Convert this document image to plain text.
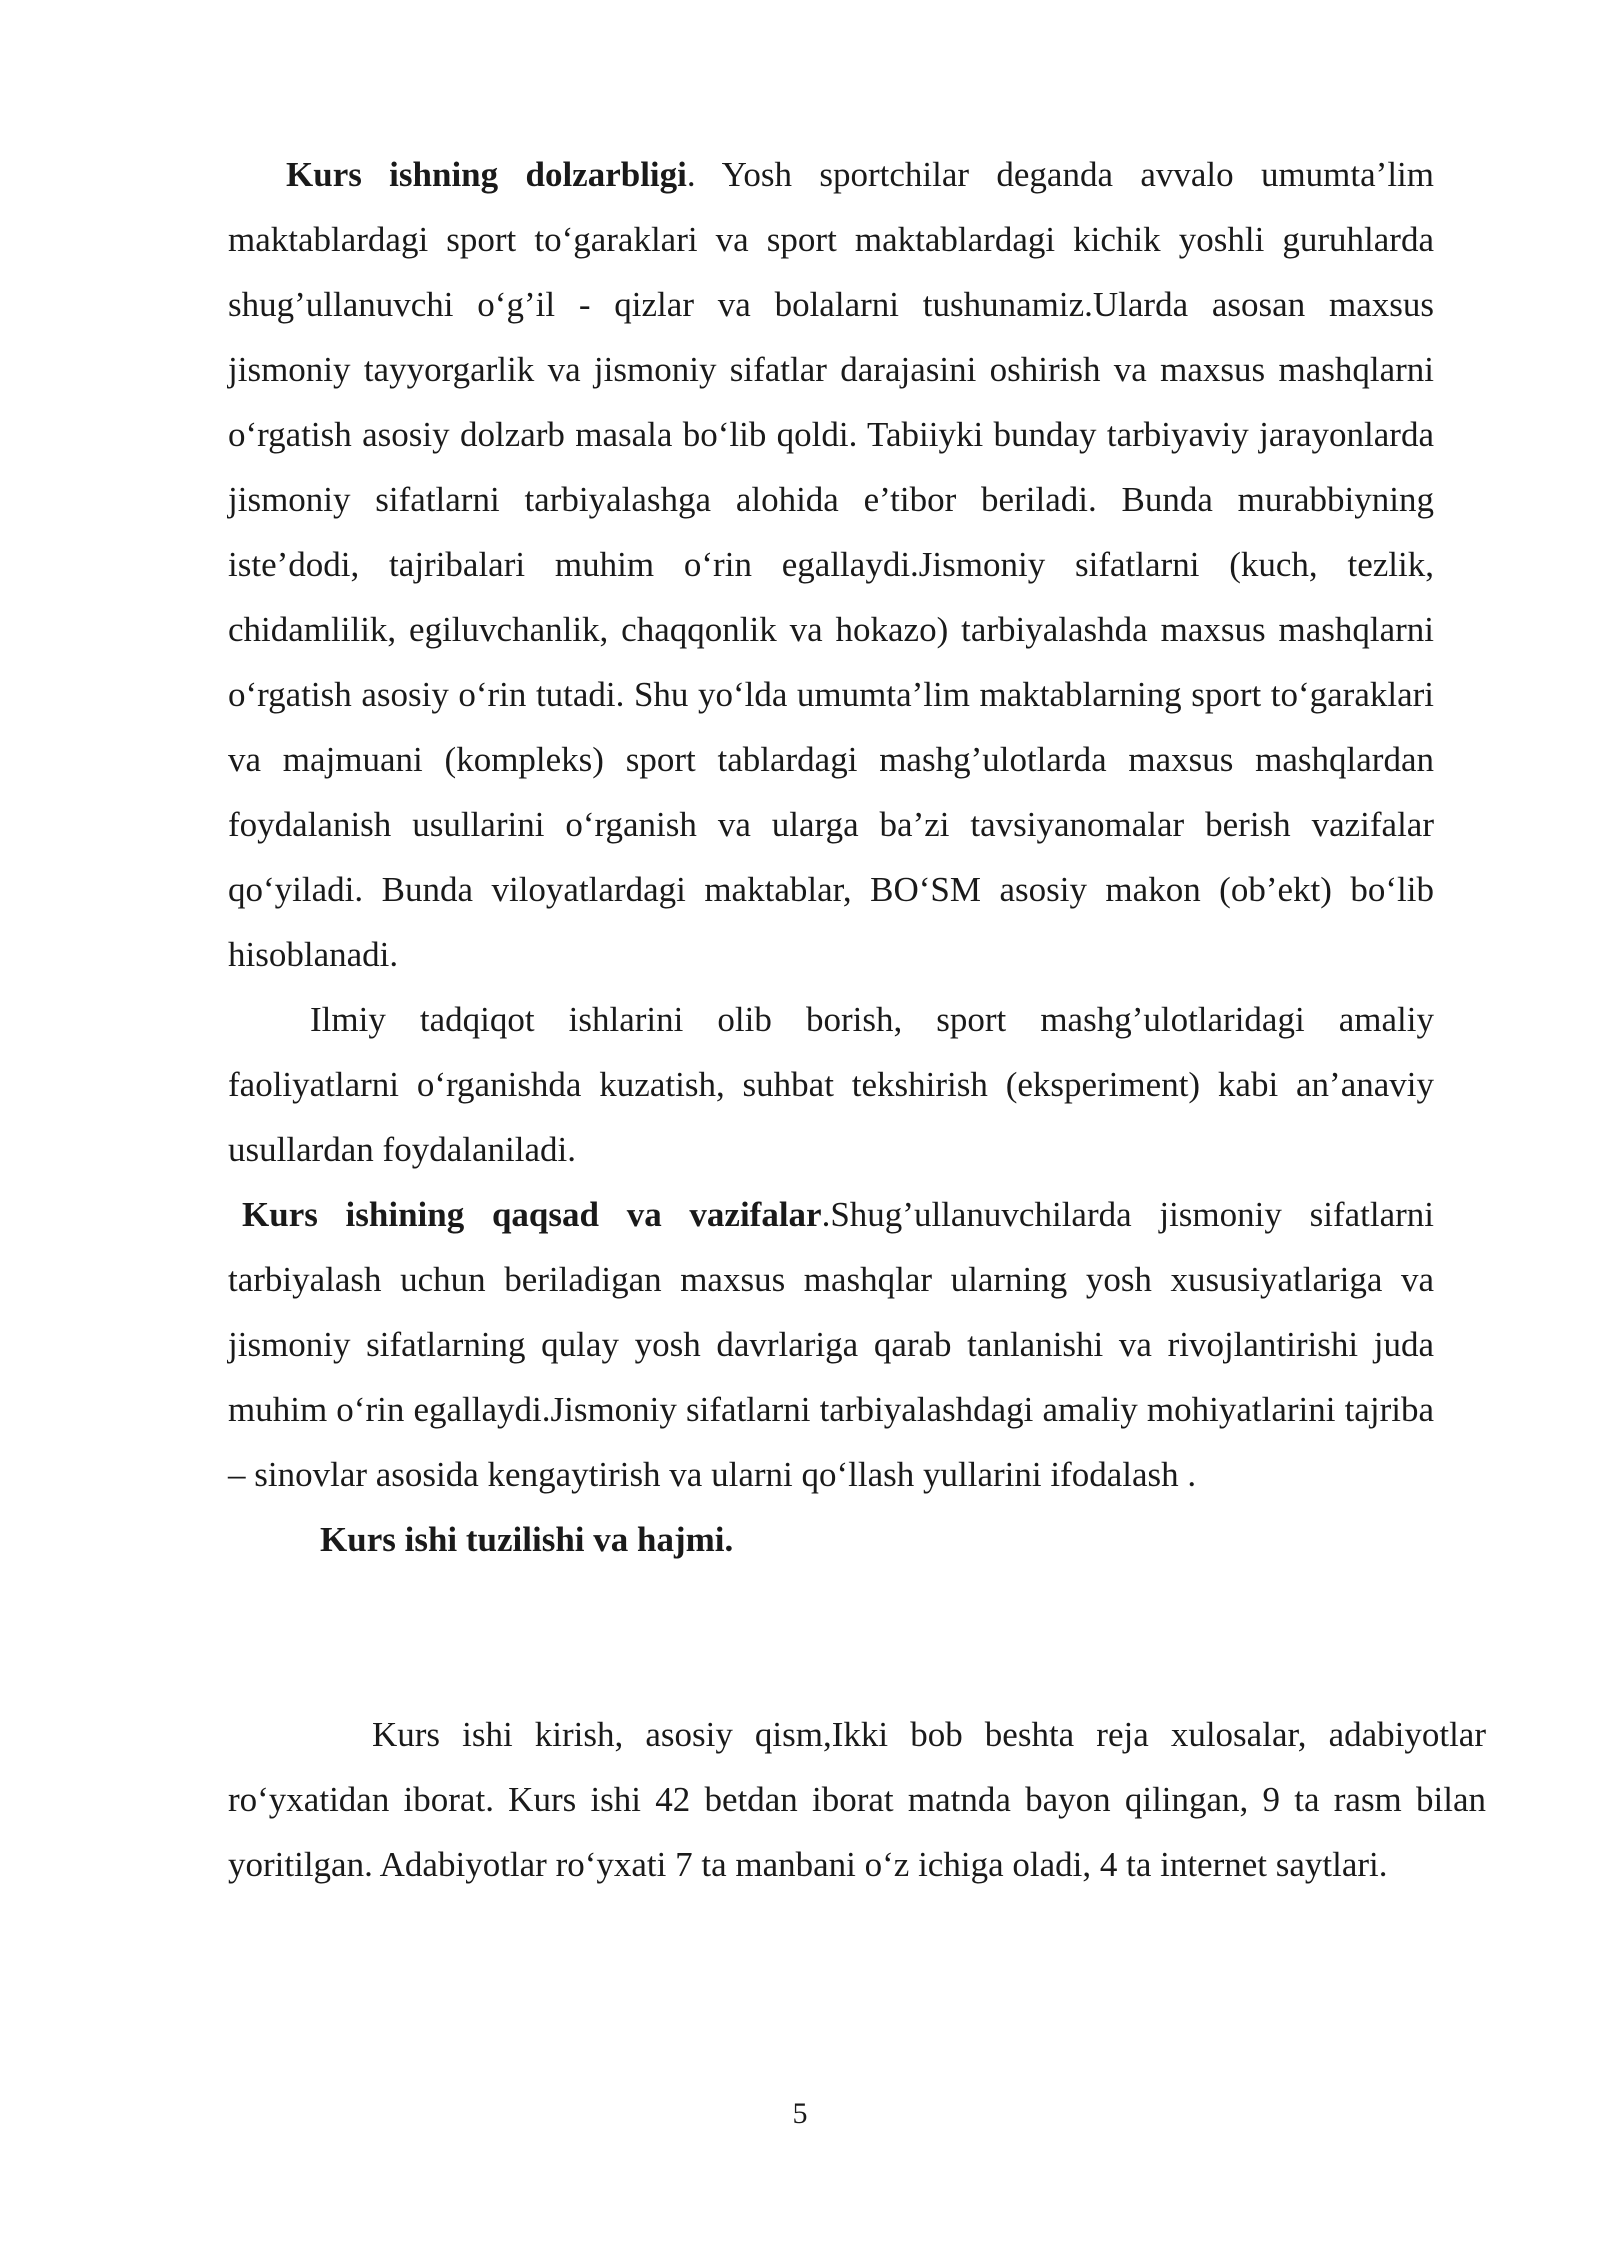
Kurs ishning dolzarbligi. Yosh sportchilar deganda avvalo umumta’lim maktablardagi sport to‘garaklari va sport maktablardagi kichik yoshli guruhlarda shug’ullanuvchi o‘g’il - qizlar va bolalarni tushunamiz.Ularda asosan maxsus jismoniy tayyorgarlik va jismoniy sifatlar darajasini oshirish va maxsus mashqlarni o‘rgatish asosiy dolzarb masala bo‘lib qoldi. Tabiiyki bunday tarbiyaviy jarayonlarda jismoniy sifatlarni tarbiyalashga alohida e’tibor beriladi. Bunda murabbiyning iste’dodi, tajribalari muhim o‘rin egallaydi.Jismoniy sifatlarni (kuch, tezlik, chidamlilik, egiluvchanlik, chaqqonlik va hokazo) tarbiyalashda maxsus mashqlarni o‘rgatish asosiy o‘rin tutadi. Shu yo‘lda umumta’lim maktablarning sport to‘garaklari va majmuani (kompleks) sport tablardagi mashg’ulotlarda maxsus mashqlardan foydalanish usullarini o‘rganish va ularga ba’zi tavsiyanomalar berish vazifalar qo‘yiladi. Bunda viloyatlardagi maktablar, BO‘SM asosiy makon (ob’ekt) bo‘lib hisoblanadi.

Ilmiy tadqiqot ishlarini olib borish, sport mashg’ulotlaridagi amaliy faoliyatlarni o‘rganishda kuzatish, suhbat tekshirish (eksperiment) kabi an’anaviy usullardan foydalaniladi.

Kurs ishining qaqsad va vazifalar.Shug’ullanuvchilarda jismoniy sifatlarni tarbiyalash uchun beriladigan maxsus mashqlar ularning yosh xususiyatlariga va jismoniy sifatlarning qulay yosh davrlariga qarab tanlanishi va rivojlantirishi juda muhim o‘rin egallaydi.Jismoniy sifatlarni tarbiyalashdagi amaliy mohiyatlarini tajriba – sinovlar asosida kengaytirish va ularni qo‘llash yullarini ifodalash .

Kurs ishi tuzilishi va hajmi.

Kurs ishi kirish, asosiy qism,Ikki bob beshta reja xulosalar, adabiyotlar ro‘yxatidan iborat. Kurs ishi 42 betdan iborat matnda bayon qilingan, 9 ta rasm bilan yoritilgan. Adabiyotlar ro‘yxati 7 ta manbani o‘z ichiga oladi, 4 ta internet saytlari.

5
